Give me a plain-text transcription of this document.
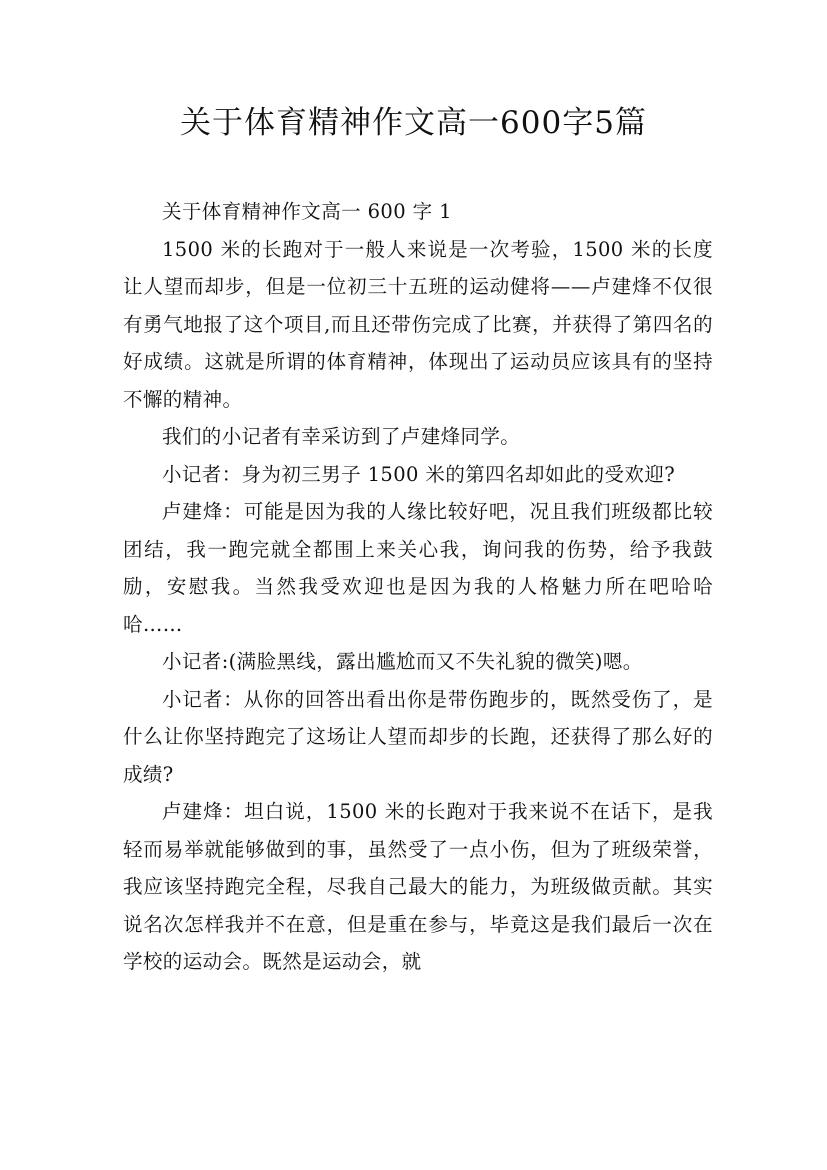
关于体育精神作文高一600字5篇

关于体育精神作文高一 600 字 1

1500 米的长跑对于一般人来说是一次考验，1500 米的长度让人望而却步，但是一位初三十五班的运动健将——卢建烽不仅很有勇气地报了这个项目,而且还带伤完成了比赛，并获得了第四名的好成绩。这就是所谓的体育精神，体现出了运动员应该具有的坚持不懈的精神。

我们的小记者有幸采访到了卢建烽同学。

小记者：身为初三男子 1500 米的第四名却如此的受欢迎?

卢建烽：可能是因为我的人缘比较好吧，况且我们班级都比较团结，我一跑完就全都围上来关心我，询问我的伤势，给予我鼓励，安慰我。当然我受欢迎也是因为我的人格魅力所在吧哈哈哈……

小记者:(满脸黑线，露出尴尬而又不失礼貌的微笑)嗯。

小记者：从你的回答出看出你是带伤跑步的，既然受伤了，是什么让你坚持跑完了这场让人望而却步的长跑，还获得了那么好的成绩?

卢建烽：坦白说，1500 米的长跑对于我来说不在话下，是我轻而易举就能够做到的事，虽然受了一点小伤，但为了班级荣誉，我应该坚持跑完全程，尽我自己最大的能力，为班级做贡献。其实说名次怎样我并不在意，但是重在参与，毕竟这是我们最后一次在学校的运动会。既然是运动会，就
